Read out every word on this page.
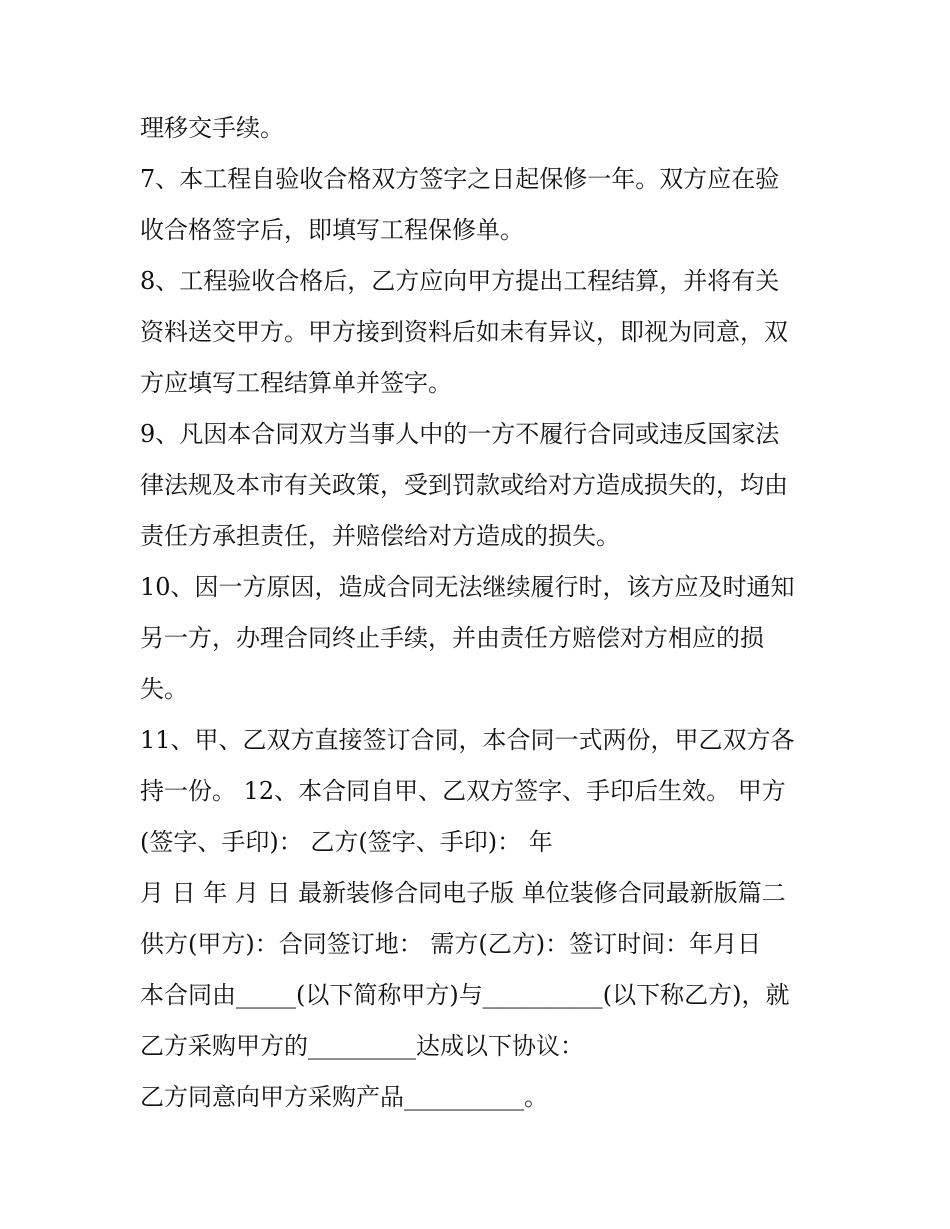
理移交手续。
7、本工程自验收合格双方签字之日起保修一年。双方应在验
收合格签字后，即填写工程保修单。
8、工程验收合格后，乙方应向甲方提出工程结算，并将有关
资料送交甲方。甲方接到资料后如未有异议，即视为同意，双
方应填写工程结算单并签字。
9、凡因本合同双方当事人中的一方不履行合同或违反国家法
律法规及本市有关政策，受到罚款或给对方造成损失的，均由
责任方承担责任，并赔偿给对方造成的损失。
10、因一方原因，造成合同无法继续履行时，该方应及时通知
另一方，办理合同终止手续，并由责任方赔偿对方相应的损
失。
11、甲、乙双方直接签订合同，本合同一式两份，甲乙双方各
持一份。 12、本合同自甲、乙双方签字、手印后生效。 甲方
(签字、手印)： 乙方(签字、手印)： 年
月 日 年 月 日 最新装修合同电子版 单位装修合同最新版篇二
供方(甲方)：合同签订地： 需方(乙方)：签订时间：年月日
本合同由_____(以下简称甲方)与__________(以下称乙方)，就
乙方采购甲方的_________达成以下协议：
乙方同意向甲方采购产品__________。
